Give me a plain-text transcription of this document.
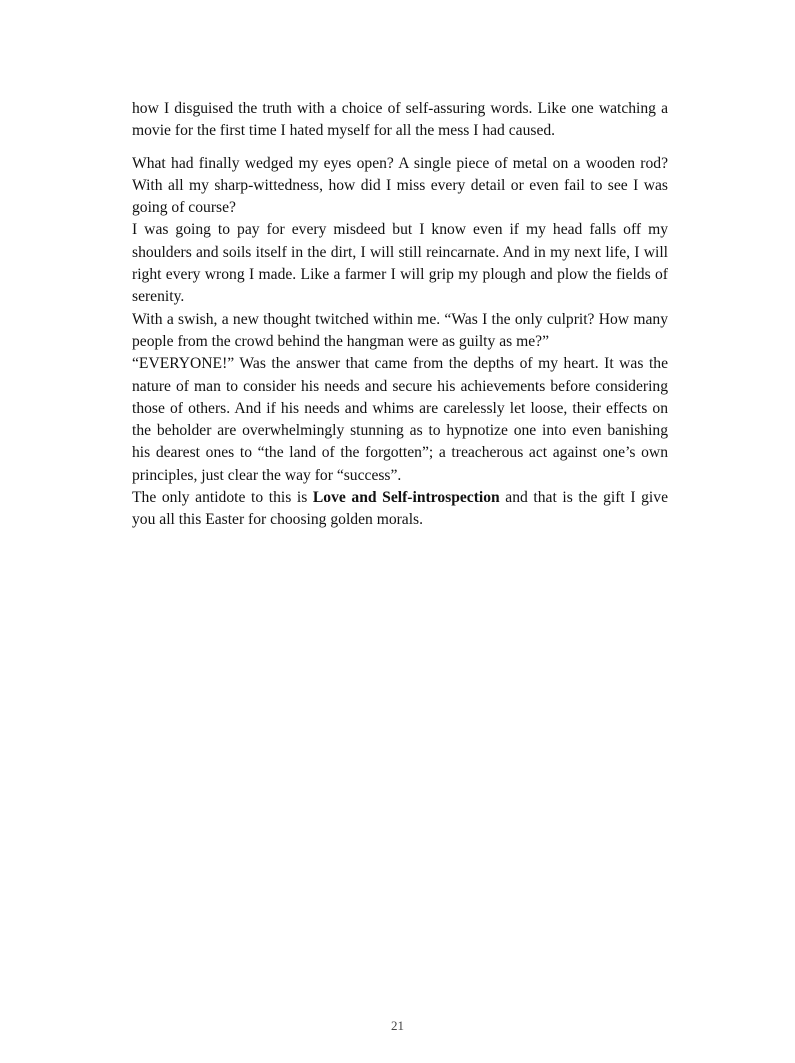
how I disguised the truth with a choice of self-assuring words. Like one watching a movie for the first time I hated myself for all the mess I had caused.

What had finally wedged my eyes open? A single piece of metal on a wooden rod? With all my sharp-wittedness, how did I miss every detail or even fail to see I was going of course?

I was going to pay for every misdeed but I know even if my head falls off my shoulders and soils itself in the dirt, I will still reincarnate. And in my next life, I will right every wrong I made. Like a farmer I will grip my plough and plow the fields of serenity.

With a swish, a new thought twitched within me. “Was I the only culprit? How many people from the crowd behind the hangman were as guilty as me?”

“EVERYONE!” Was the answer that came from the depths of my heart. It was the nature of man to consider his needs and secure his achievements before considering those of others. And if his needs and whims are carelessly let loose, their effects on the beholder are overwhelmingly stunning as to hypnotize one into even banishing his dearest ones to “the land of the forgotten”; a treacherous act against one’s own principles, just clear the way for “success”.

The only antidote to this is Love and Self-introspection and that is the gift I give you all this Easter for choosing golden morals.

21
